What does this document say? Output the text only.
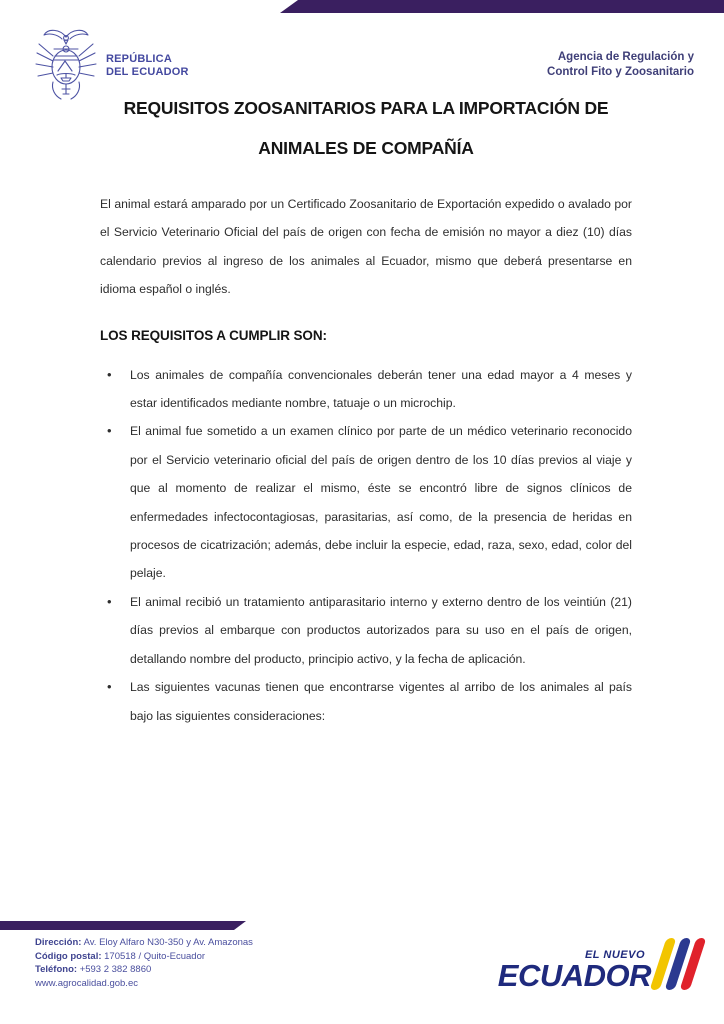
REPÚBLICA
DEL ECUADOR
Agencia de Regulación y
Control Fito y Zoosanitario
REQUISITOS ZOOSANITARIOS PARA LA IMPORTACIÓN DE
ANIMALES DE COMPAÑÍA

El animal estará amparado por un Certificado Zoosanitario de Exportación expedido o avalado por el Servicio Veterinario Oficial del país de origen con fecha de emisión no mayor a diez (10) días calendario previos al ingreso de los animales al Ecuador, mismo que deberá presentarse en idioma español o inglés.

LOS REQUISITOS A CUMPLIR SON:
• Los animales de compañía convencionales deberán tener una edad mayor a 4 meses y estar identificados mediante nombre, tatuaje o un microchip.
• El animal fue sometido a un examen clínico por parte de un médico veterinario reconocido por el Servicio veterinario oficial del país de origen dentro de los 10 días previos al viaje y que al momento de realizar el mismo, éste se encontró libre de signos clínicos de enfermedades infectocontagiosas, parasitarias, así como, de la presencia de heridas en procesos de cicatrización; además, debe incluir la especie, edad, raza, sexo, edad, color del pelaje.
• El animal recibió un tratamiento antiparasitario interno y externo dentro de los veintiún (21) días previos al embarque con productos autorizados para su uso en el país de origen, detallando nombre del producto, principio activo, y la fecha de aplicación.
• Las siguientes vacunas tienen que encontrarse vigentes al arribo de los animales al país bajo las siguientes consideraciones:
Dirección: Av. Eloy Alfaro N30-350 y Av. Amazonas
Código postal: 170518 / Quito-Ecuador
Teléfono: +593 2 382 8860
www.agrocalidad.gob.ec
EL NUEVO
ECUADOR
